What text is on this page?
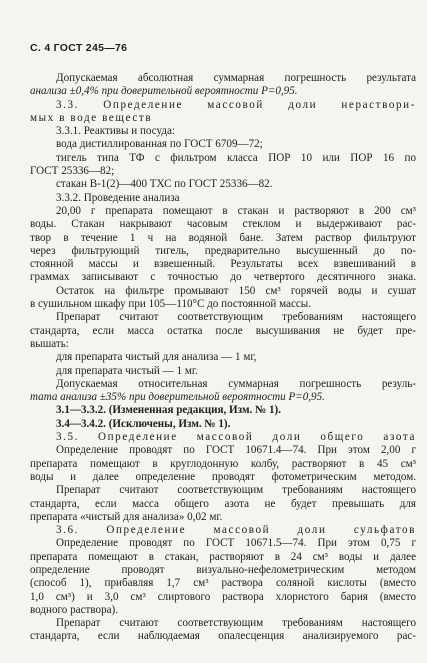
С. 4 ГОСТ 245—76
Допускаемая абсолютная суммарная погрешность результата
анализа ±0,4% при доверительной вероятности P=0,95.
3.3. Определение массовой доли нераствори-
мых в воде веществ
3.3.1. Реактивы и посуда:
вода дистиллированная по ГОСТ 6709—72;
тигель типа ТФ с фильтром класса ПОР 10 или ПОР 16 по
ГОСТ 25336—82;
стакан В-1(2)—400 ТХС по ГОСТ 25336—82.
3.3.2. Проведение анализа
20,00 г препарата помещают в стакан и растворяют в 200 см³
воды. Стакан накрывают часовым стеклом и выдерживают рас-
твор в течение 1 ч на водяной бане. Затем раствор фильтруют
через фильтрующий тигель, предварительно высушенный до по-
стоянной массы и взвешенный. Результаты всех взвешиваний в
граммах записывают с точностью до четвертого десятичного знака.
Остаток на фильтре промывают 150 см³ горячей воды и сушат
в сушильном шкафу при 105—110°С до постоянной массы.
Препарат считают соответствующим требованиям настоящего
стандарта, если масса остатка после высушивания не будет пре-
вышать:
для препарата чистый для анализа — 1 мг,
для препарата чистый — 1 мг.
Допускаемая относительная суммарная погрешность резуль-
тата анализа ±35% при доверительной вероятности P=0,95.
3.1—3.3.2. (Измененная редакция, Изм. № 1).
3.4—3.4.2. (Исключены, Изм. № 1).
3.5. Определение массовой доли общего азота
Определение проводят по ГОСТ 10671.4—74. При этом 2,00 г
препарата помещают в круглодонную колбу, растворяют в 45 см³
воды и далее определение проводят фотометрическим методом.
Препарат считают соответствующим требованиям настоящего
стандарта, если масса общего азота не будет превышать для
препарата «чистый для анализа» 0,02 мг.
3.6. Определение массовой доли сульфатов
Определение проводят по ГОСТ 10671.5—74. При этом 0,75 г
препарата помещают в стакан, растворяют в 24 см³ воды и далее
определение проводят визуально-нефелометрическим методом
(способ 1), прибавляя 1,7 см³ раствора соляной кислоты (вместо
1,0 см³) и 3,0 см³ слиртового раствора хлористого бария (вместо
водного раствора).
Препарат считают соответствующим требованиям настоящего
стандарта, если наблюдаемая опалесценция анализируемого рас-
